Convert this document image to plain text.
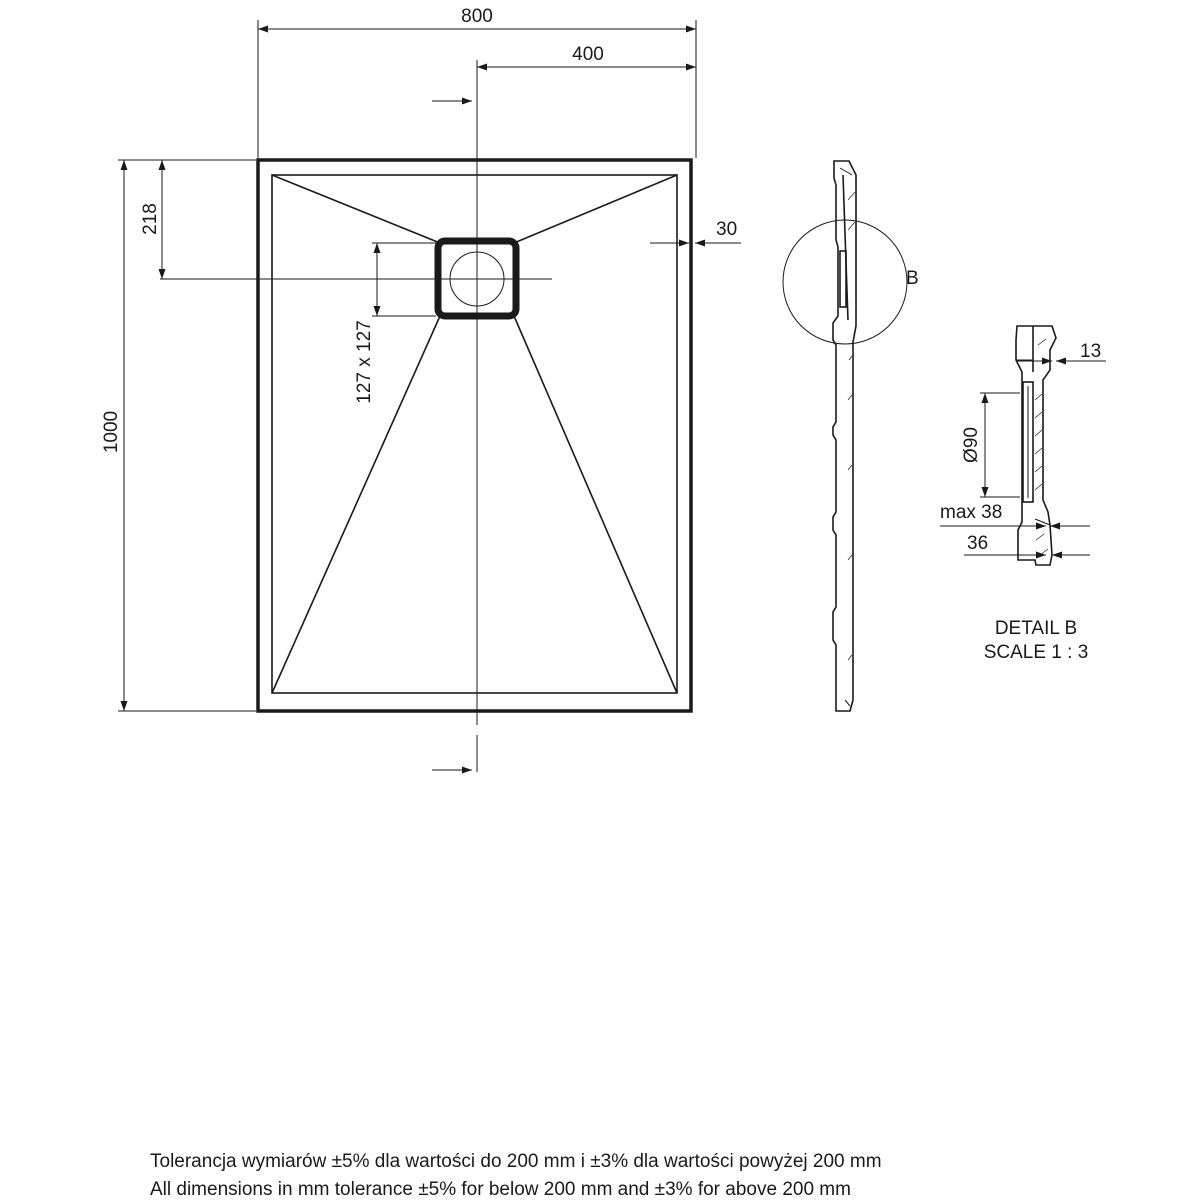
800
400
1000
218
127 x 127
30
B
13
Ø90
max 38
36
DETAIL B
SCALE 1 : 3
Tolerancja wymiarów ±5% dla wartości do 200 mm i ±3% dla wartości powyżej 200 mm
All dimensions in mm tolerance ±5% for below 200 mm and ±3% for above 200 mm
